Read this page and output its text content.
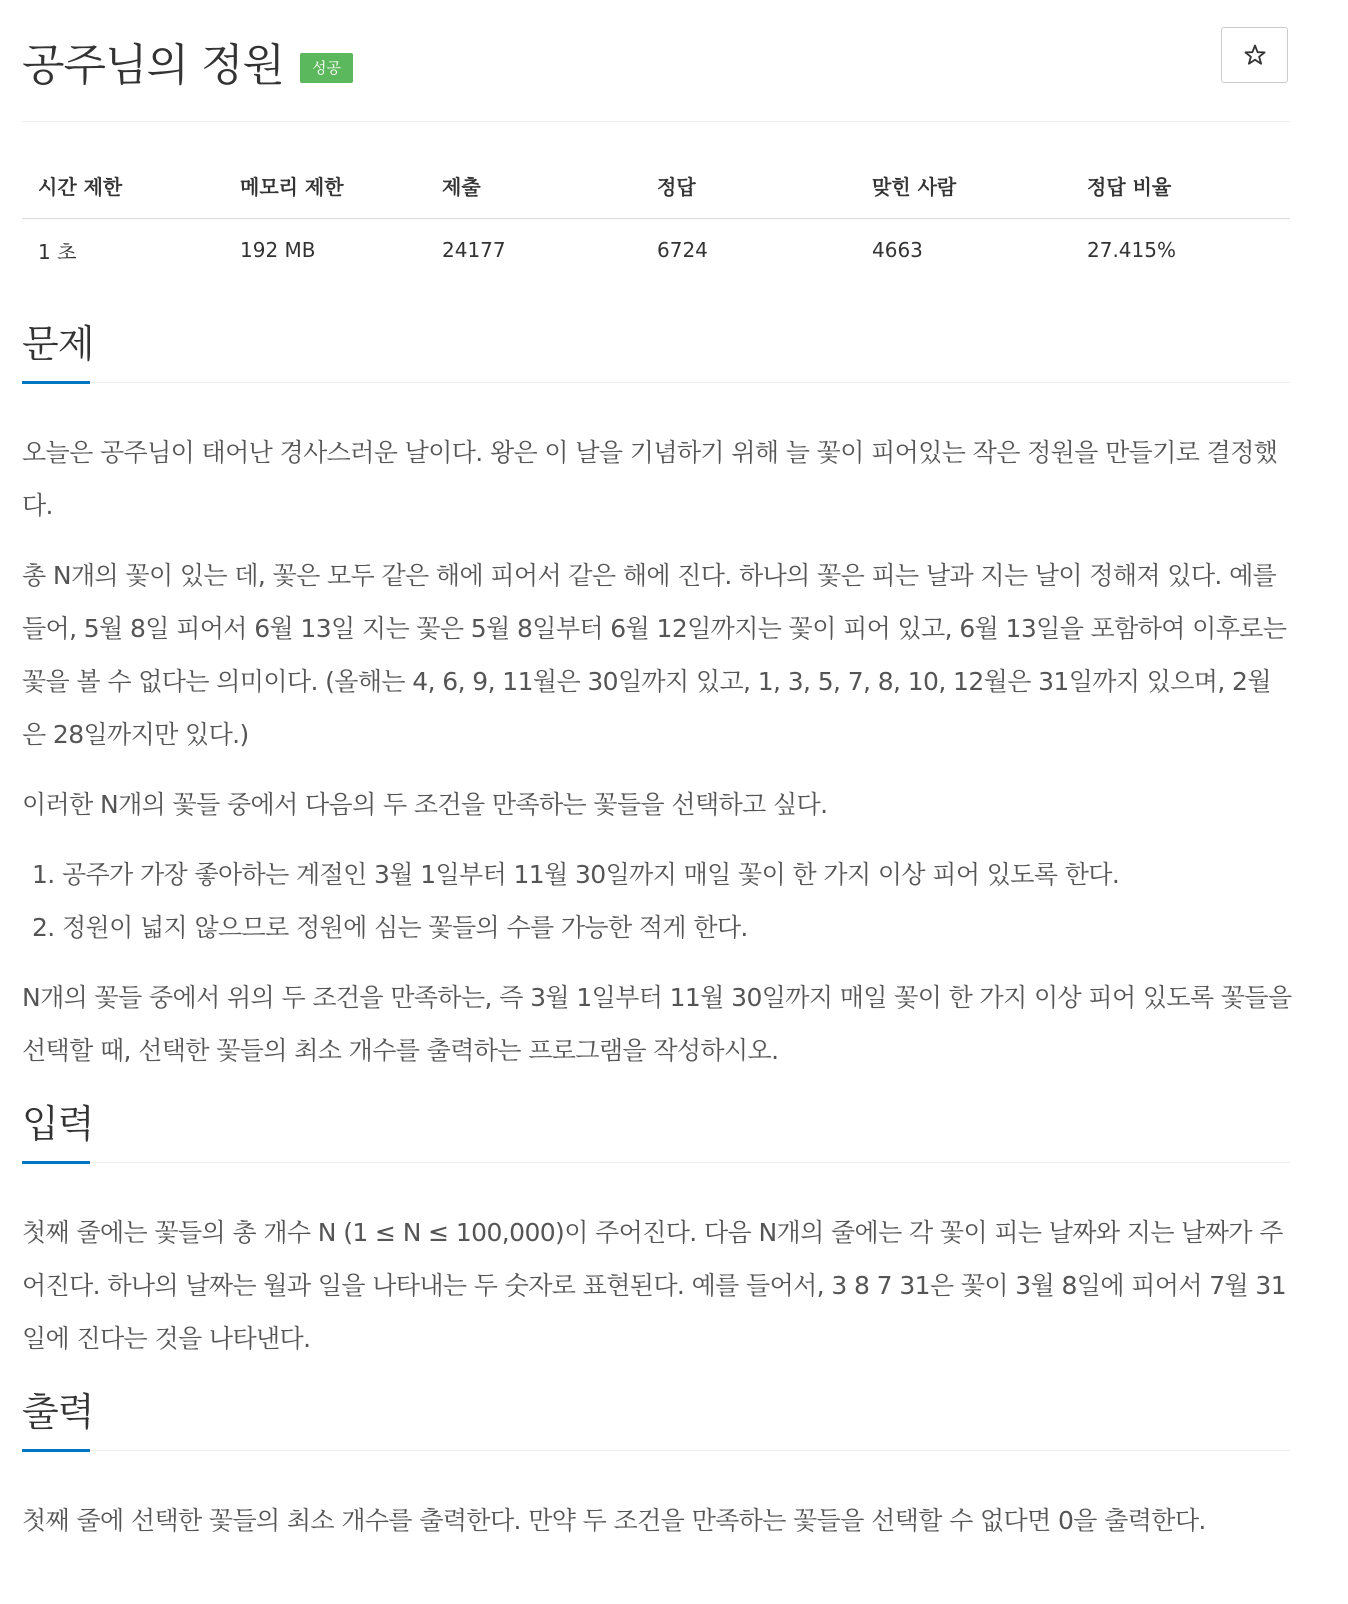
공주님의 정원	성공
시간 제한	메모리 제한	제출	정답	맞힌 사람	정답 비율
1 초	192 MB	24177	6724	4663	27.415%
문제

오늘은 공주님이 태어난 경사스러운 날이다. 왕은 이 날을 기념하기 위해 늘 꽃이 피어있는 작은 정원을 만들기로 결정했다.

총 N개의 꽃이 있는 데, 꽃은 모두 같은 해에 피어서 같은 해에 진다. 하나의 꽃은 피는 날과 지는 날이 정해져 있다. 예를 들어, 5월 8일 피어서 6월 13일 지는 꽃은 5월 8일부터 6월 12일까지는 꽃이 피어 있고, 6월 13일을 포함하여 이후로는 꽃을 볼 수 없다는 의미이다. (올해는 4, 6, 9, 11월은 30일까지 있고, 1, 3, 5, 7, 8, 10, 12월은 31일까지 있으며, 2월은 28일까지만 있다.)

이러한 N개의 꽃들 중에서 다음의 두 조건을 만족하는 꽃들을 선택하고 싶다.

1. 공주가 가장 좋아하는 계절인 3월 1일부터 11월 30일까지 매일 꽃이 한 가지 이상 피어 있도록 한다.
2. 정원이 넓지 않으므로 정원에 심는 꽃들의 수를 가능한 적게 한다.

N개의 꽃들 중에서 위의 두 조건을 만족하는, 즉 3월 1일부터 11월 30일까지 매일 꽃이 한 가지 이상 피어 있도록 꽃들을 선택할 때, 선택한 꽃들의 최소 개수를 출력하는 프로그램을 작성하시오.

입력

첫째 줄에는 꽃들의 총 개수 N (1 ≤ N ≤ 100,000)이 주어진다. 다음 N개의 줄에는 각 꽃이 피는 날짜와 지는 날짜가 주어진다. 하나의 날짜는 월과 일을 나타내는 두 숫자로 표현된다. 예를 들어서, 3 8 7 31은 꽃이 3월 8일에 피어서 7월 31일에 진다는 것을 나타낸다.

출력

첫째 줄에 선택한 꽃들의 최소 개수를 출력한다. 만약 두 조건을 만족하는 꽃들을 선택할 수 없다면 0을 출력한다.
